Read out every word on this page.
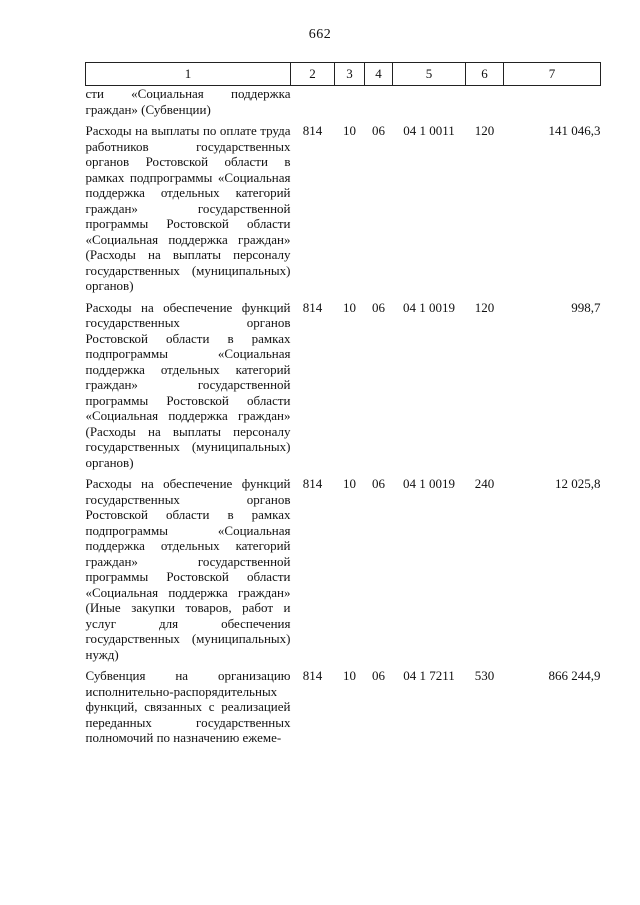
662
1	2	3	4	5	6	7
сти «Социальная поддержка граждан» (Субвенции)						

Расходы на выплаты по оплате труда работников государственных органов Ростовской области в рамках подпрограммы «Социальная поддержка отдельных категорий граждан» государственной программы Ростовской области «Социальная поддержка граждан» (Расходы на выплаты персоналу государственных (муниципальных) органов)	814	10	06	04 1 0011	120	141 046,3

Расходы на обеспечение функций государственных органов Ростовской области в рамках подпрограммы «Социальная поддержка отдельных категорий граждан» государственной программы Ростовской области «Социальная поддержка граждан» (Расходы на выплаты персоналу государственных (муниципальных) органов)	814	10	06	04 1 0019	120	998,7

Расходы на обеспечение функций государственных органов Ростовской области в рамках подпрограммы «Социальная поддержка отдельных категорий граждан» государственной программы Ростовской области «Социальная поддержка граждан» (Иные закупки товаров, работ и услуг для обеспечения государственных (муниципальных) нужд)	814	10	06	04 1 0019	240	12 025,8

Субвенция на организацию исполнительно-распорядительных функций, связанных с реализацией переданных государственных полномочий по назначению ежеме-	814	10	06	04 1 7211	530	866 244,9
